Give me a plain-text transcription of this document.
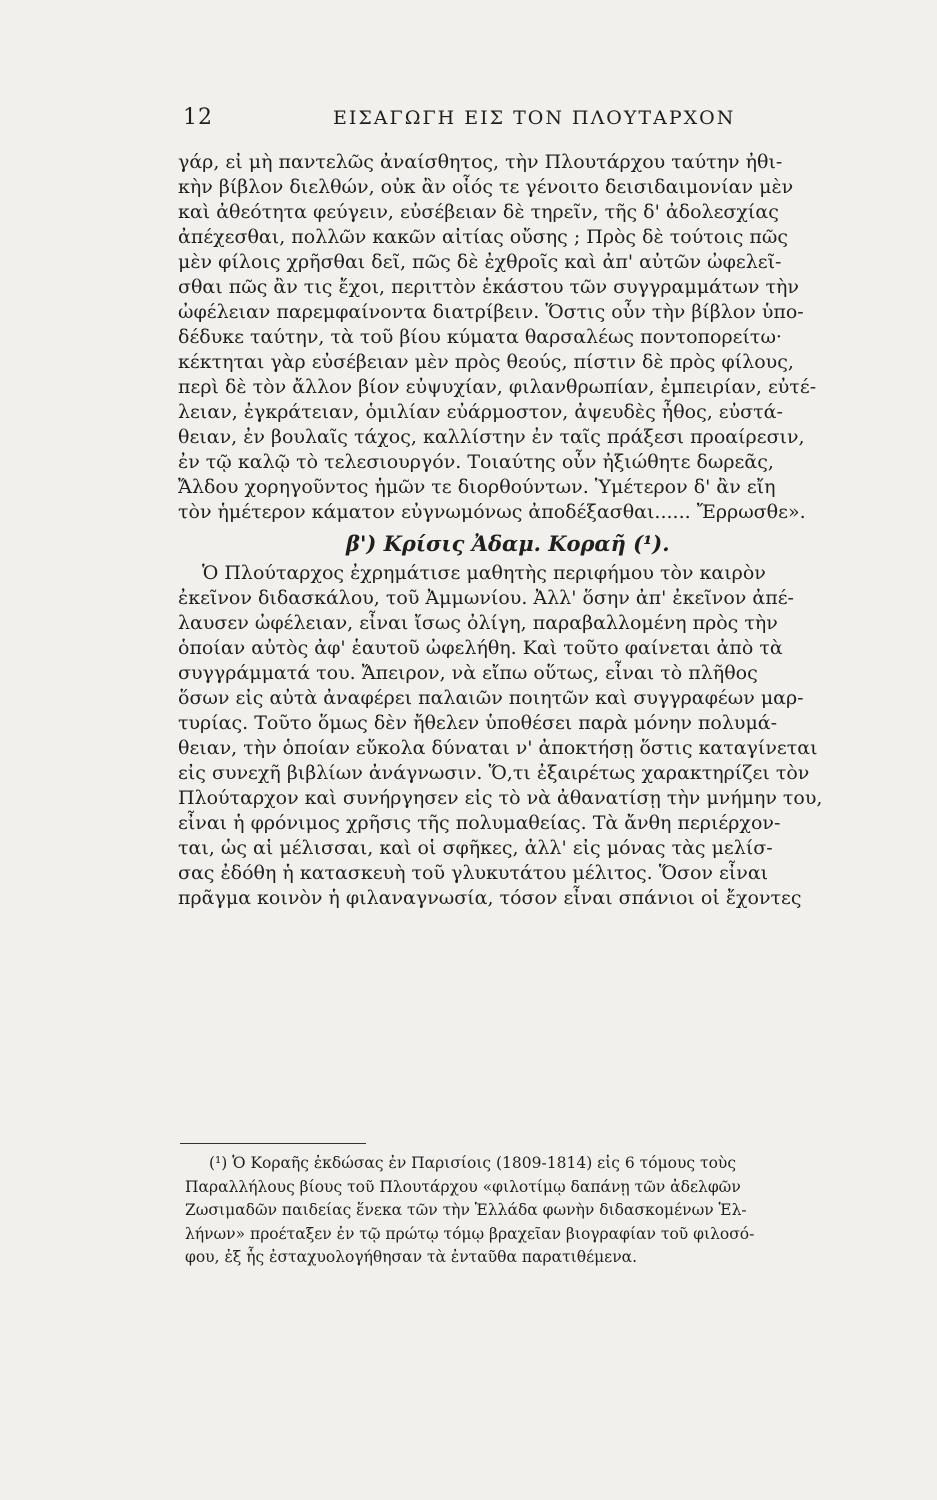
12	ΕΙΣΑΓΩΓΗ ΕΙΣ ΤΟΝ ΠΛΟΥΤΑΡΧΟΝ
γάρ, εἰ μὴ παντελῶς ἀναίσθητος, τὴν Πλουτάρχου ταύτην ἠθι-
κὴν βίβλον διελθών, οὐκ ἂν οἷός τε γένοιτο δεισιδαιμονίαν μὲν
καὶ ἀθεότητα φεύγειν, εὐσέβειαν δὲ τηρεῖν, τῆς δ' ἀδολεσχίας
ἀπέχεσθαι, πολλῶν κακῶν αἰτίας οὔσης ; Πρὸς δὲ τούτοις πῶς
μὲν φίλοις χρῆσθαι δεῖ, πῶς δὲ ἐχθροῖς καὶ ἀπ' αὐτῶν ὠφελεῖ-
σθαι πῶς ἂν τις ἔχοι, περιττὸν ἑκάστου τῶν συγγραμμάτων τὴν
ὠφέλειαν παρεμφαίνοντα διατρίβειν. Ὅστις οὖν τὴν βίβλον ὑπο-
δέδυκε ταύτην, τὰ τοῦ βίου κύματα θαρσαλέως ποντοπορείτω·
κέκτηται γὰρ εὐσέβειαν μὲν πρὸς θεούς, πίστιν δὲ πρὸς φίλους,
περὶ δὲ τὸν ἄλλον βίον εὐψυχίαν, φιλανθρωπίαν, ἐμπειρίαν, εὐτέ-
λειαν, ἐγκράτειαν, ὁμιλίαν εὐάρμοστον, ἀψευδὲς ἦθος, εὐστά-
θειαν, ἐν βουλαῖς τάχος, καλλίστην ἐν ταῖς πράξεσι προαίρεσιν,
ἐν τῷ καλῷ τὸ τελεσιουργόν. Τοιαύτης οὖν ἠξιώθητε δωρεᾶς,
Ἄλδου χορηγοῦντος ἡμῶν τε διορθούντων. Ὑμέτερον δ' ἂν εἴη
τὸν ἡμέτερον κάματον εὐγνωμόνως ἀποδέξασθαι...... Ἔρρωσθε».
β') Κρίσις Ἀδαμ. Κοραῆ (¹).
Ὁ Πλούταρχος ἐχρημάτισε μαθητὴς περιφήμου τὸν καιρὸν
ἐκεῖνον διδασκάλου, τοῦ Ἀμμωνίου. Ἀλλ' ὅσην ἀπ' ἐκεῖνον ἀπέ-
λαυσεν ὠφέλειαν, εἶναι ἴσως ὀλίγη, παραβαλλομένη πρὸς τὴν
ὁποίαν αὐτὸς ἀφ' ἑαυτοῦ ὠφελήθη. Καὶ τοῦτο φαίνεται ἀπὸ τὰ
συγγράμματά του. Ἄπειρον, νὰ εἴπω οὕτως, εἶναι τὸ πλῆθος
ὅσων εἰς αὐτὰ ἀναφέρει παλαιῶν ποιητῶν καὶ συγγραφέων μαρ-
τυρίας. Τοῦτο ὅμως δὲν ἤθελεν ὑποθέσει παρὰ μόνην πολυμά-
θειαν, τὴν ὁποίαν εὔκολα δύναται ν' ἀποκτήσῃ ὅστις καταγίνεται
εἰς συνεχῆ βιβλίων ἀνάγνωσιν. Ὅ,τι ἐξαιρέτως χαρακτηρίζει τὸν
Πλούταρχον καὶ συνήργησεν εἰς τὸ νὰ ἀθανατίσῃ τὴν μνήμην του,
εἶναι ἡ φρόνιμος χρῆσις τῆς πολυμαθείας. Τὰ ἄνθη περιέρχον-
ται, ὡς αἱ μέλισσαι, καὶ οἱ σφῆκες, ἀλλ' εἰς μόνας τὰς μελίσ-
σας ἐδόθη ἡ κατασκευὴ τοῦ γλυκυτάτου μέλιτος. Ὅσον εἶναι
πρᾶγμα κοινὸν ἡ φιλαναγνωσία, τόσον εἶναι σπάνιοι οἱ ἔχοντες
(¹) Ὁ Κοραῆς ἐκδώσας ἐν Παρισίοις (1809-1814) εἰς 6 τόμους τοὺς
Παραλλήλους βίους τοῦ Πλουτάρχου «φιλοτίμῳ δαπάνῃ τῶν ἀδελφῶν
Ζωσιμαδῶν παιδείας ἕνεκα τῶν τὴν Ἑλλάδα φωνὴν διδασκομένων Ἑλ-
λήνων» προέταξεν ἐν τῷ πρώτῳ τόμῳ βραχεῖαν βιογραφίαν τοῦ φιλοσό-
φου, ἐξ ἧς ἐσταχυολογήθησαν τὰ ἐνταῦθα παρατιθέμενα.
